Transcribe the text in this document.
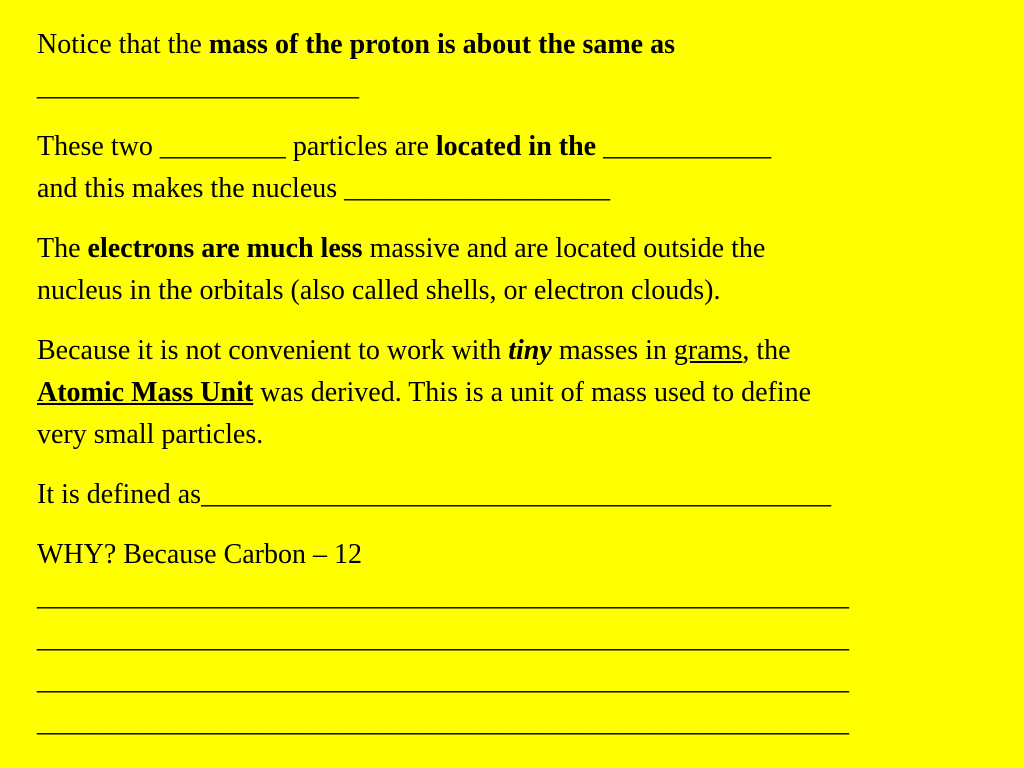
Notice that the mass of the proton is about the same as
_______________________

These two _________ particles are located in the ____________
and this makes the nucleus ___________________

The electrons are much less massive and are located outside the
nucleus in the orbitals (also called shells, or electron clouds).

Because it is not convenient to work with tiny masses in grams, the
Atomic Mass Unit was derived. This is a unit of mass used to define
very small particles.

It is defined as_____________________________________________

WHY? Because Carbon – 12
__________________________________________________________
__________________________________________________________
__________________________________________________________
__________________________________________________________
